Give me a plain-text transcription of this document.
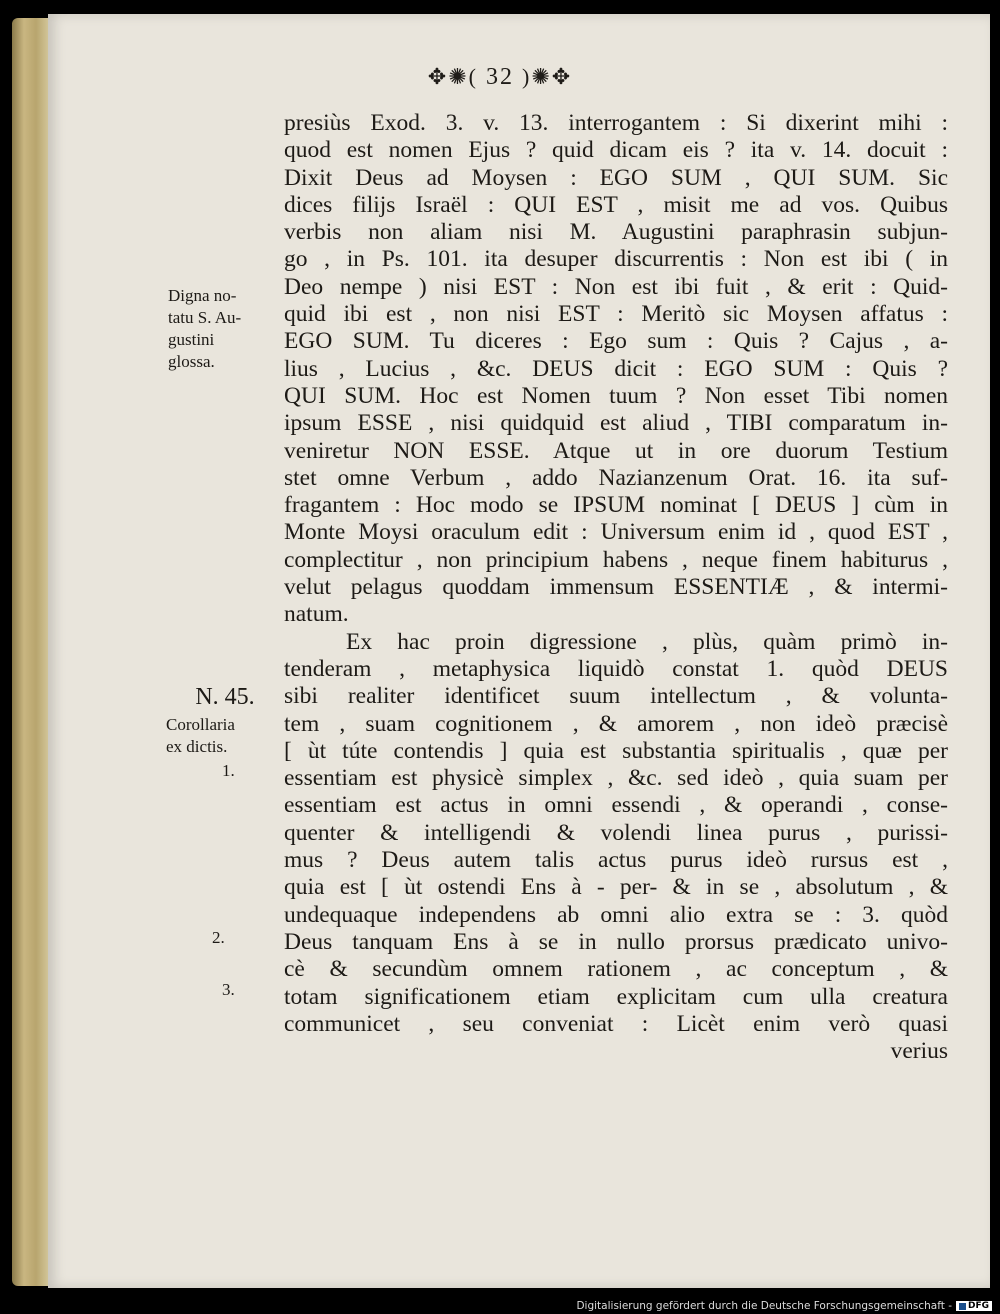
✥✺( 32 )✺✥
Digna no-
tatu S. Au-
gustini
glossa.
N. 45.
Corollaria
ex dictis.
1.
2.
3.
presiùs Exod. 3. v. 13. interrogantem : Si dixerint mihi :
quod est nomen Ejus ? quid dicam eis ? ita v. 14. docuit :
Dixit Deus ad Moysen : EGO SUM , QUI SUM. Sic
dices filijs Israël : QUI EST , misit me ad vos. Quibus
verbis non aliam nisi M. Augustini paraphrasin subjun-
go , in Ps. 101. ita desuper discurrentis : Non est ibi ( in
Deo nempe ) nisi EST : Non est ibi fuit , & erit : Quid-
quid ibi est , non nisi EST : Meritò sic Moysen affatus :
EGO SUM. Tu diceres : Ego sum : Quis ? Cajus , a-
lius , Lucius , &c. DEUS dicit : EGO SUM : Quis ?
QUI SUM. Hoc est Nomen tuum ? Non esset Tibi nomen
ipsum ESSE , nisi quidquid est aliud , TIBI comparatum in-
veniretur NON ESSE. Atque ut in ore duorum Testium
stet omne Verbum , addo Nazianzenum Orat. 16. ita suf-
fragantem : Hoc modo se IPSUM nominat [ DEUS ] cùm in
Monte Moysi oraculum edit : Universum enim id , quod EST ,
complectitur , non principium habens , neque finem habiturus ,
velut pelagus quoddam immensum ESSENTIÆ , & intermi-
natum.
Ex hac proin digressione , plùs, quàm primò in-
tenderam , metaphysica liquidò constat 1. quòd DEUS
sibi realiter identificet suum intellectum , & volunta-
tem , suam cognitionem , & amorem , non ideò præcisè
[ ùt túte contendis ] quia est substantia spiritualis , quæ per
essentiam est physicè simplex , &c. sed ideò , quia suam per
essentiam est actus in omni essendi , & operandi , conse-
quenter & intelligendi & volendi linea purus , purissi-
mus ? Deus autem talis actus purus ideò rursus est ,
quia est [ ùt ostendi Ens à - per- & in se , absolutum , &
undequaque independens ab omni alio extra se : 3. quòd
Deus tanquam Ens à se in nullo prorsus prædicato univo-
cè & secundùm omnem rationem , ac conceptum , &
totam significationem etiam explicitam cum ulla creatura
communicet , seu conveniat : Licèt enim verò quasi
verius
Digitalisierung gefördert durch die Deutsche Forschungsgemeinschaft - DFG
